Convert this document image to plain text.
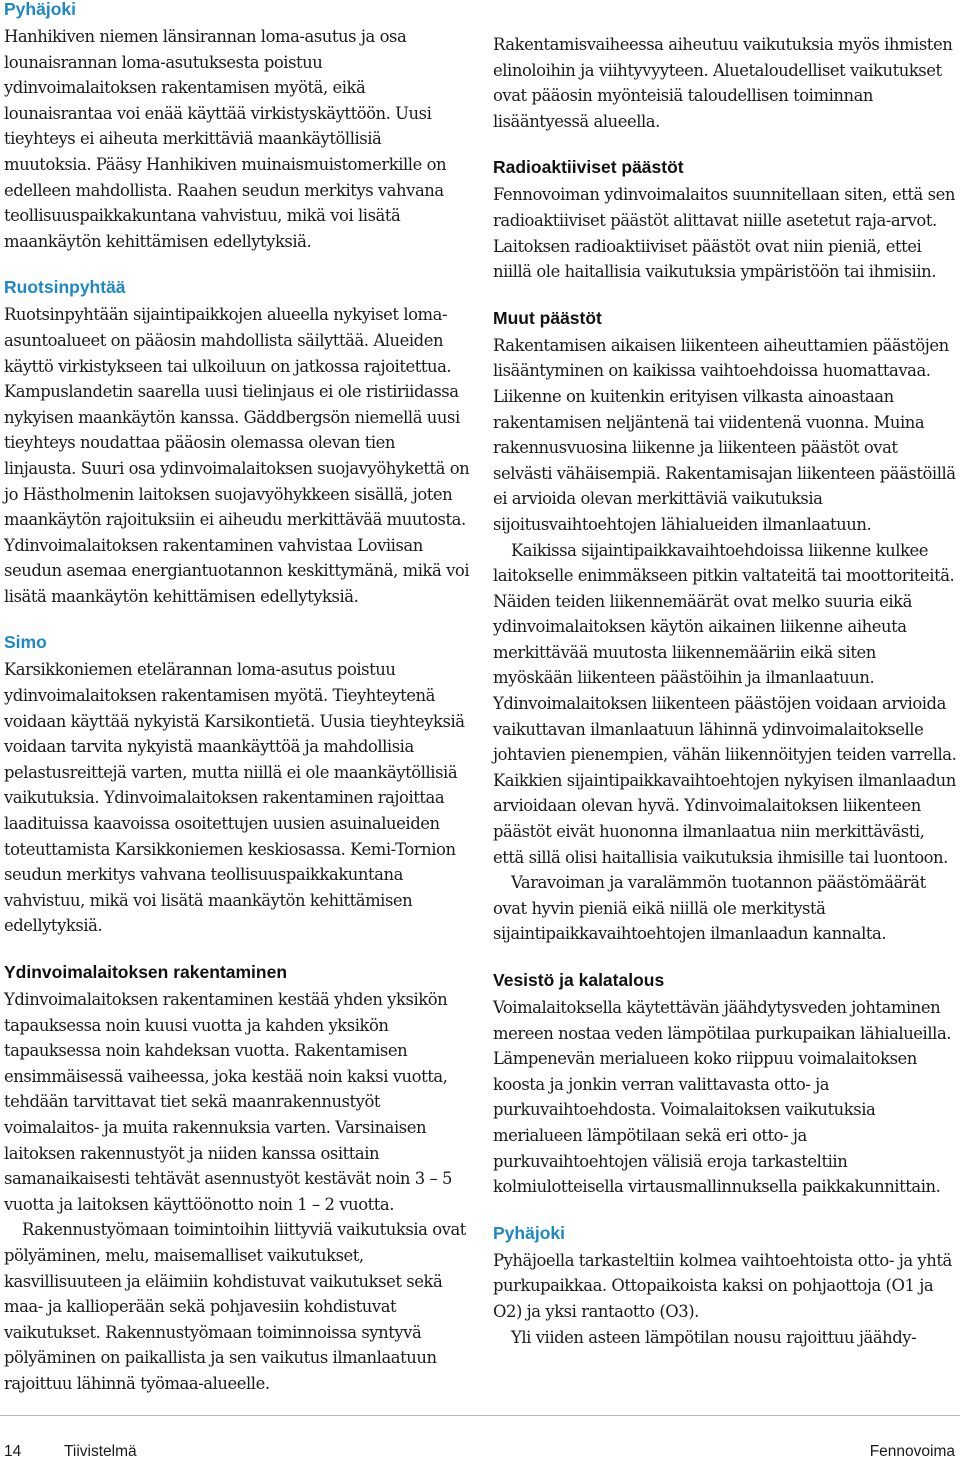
Pyhäjoki

Hanhikiven niemen länsirannan loma-asutus ja osa lounaisrannan loma-asutuksesta poistuu ydinvoimalaitoksen rakentamisen myötä, eikä lounaisrantaa voi enää käyttää virkistyskäyttöön. Uusi tieyhteys ei aiheuta merkittäviä maankäytöllisiä muutoksia. Pääsy Hanhikiven muinaismuistomerkille on edelleen mahdollista. Raahen seudun merkitys vahvana teollisuuspaikkakuntana vahvistuu, mikä voi lisätä maankäytön kehittämisen edellytyksiä.

Ruotsinpyhtää

Ruotsinpyhtään sijaintipaikkojen alueella nykyiset loma-asuntoalueet on pääosin mahdollista säilyttää. Alueiden käyttö virkistykseen tai ulkoiluun on jatkossa rajoitettua. Kampuslandetin saarella uusi tielinjaus ei ole ristiriidassa nykyisen maankäytön kanssa. Gäddbergsön niemellä uusi tieyhteys noudattaa pääosin olemassa olevan tien linjausta. Suuri osa ydinvoimalaitoksen suojavyöhykettä on jo Hästholmenin laitoksen suojavyöhykkeen sisällä, joten maankäytön rajoituksiin ei aiheudu merkittävää muutosta. Ydinvoimalaitoksen rakentaminen vahvistaa Loviisan seudun asemaa energiantuotannon keskittymänä, mikä voi lisätä maankäytön kehittämisen edellytyksiä.

Simo

Karsikkoniemen etelärannan loma-asutus poistuu ydinvoimalaitoksen rakentamisen myötä. Tieyhteytenä voidaan käyttää nykyistä Karsikontietä. Uusia tieyhteyksiä voidaan tarvita nykyistä maankäyttöä ja mahdollisia pelastusreittejä varten, mutta niillä ei ole maankäytöllisiä vaikutuksia. Ydinvoimalaitoksen rakentaminen rajoittaa laadituissa kaavoissa osoitettujen uusien asuinalueiden toteuttamista Karsikkoniemen keskiosassa. Kemi-Tornion seudun merkitys vahvana teollisuuspaikkakuntana vahvistuu, mikä voi lisätä maankäytön kehittämisen edellytyksiä.

Ydinvoimalaitoksen rakentaminen

Ydinvoimalaitoksen rakentaminen kestää yhden yksikön tapauksessa noin kuusi vuotta ja kahden yksikön tapauksessa noin kahdeksan vuotta. Rakentamisen ensimmäisessä vaiheessa, joka kestää noin kaksi vuotta, tehdään tarvittavat tiet sekä maanrakennustyöt voimalaitos- ja muita rakennuksia varten. Varsinaisen laitoksen rakennustyöt ja niiden kanssa osittain samanaikaisesti tehtävät asennustyöt kestävät noin 3 – 5 vuotta ja laitoksen käyttöönotto noin 1 – 2 vuotta.

Rakennustyömaan toimintoihin liittyviä vaikutuksia ovat pölyäminen, melu, maisemalliset vaikutukset, kasvillisuuteen ja eläimiin kohdistuvat vaikutukset sekä maa- ja kallioperään sekä pohjavesiin kohdistuvat vaikutukset. Rakennustyömaan toiminnoissa syntyvä pölyäminen on paikallista ja sen vaikutus ilmanlaatuun rajoittuu lähinnä työmaa-alueelle.

Rakentamisvaiheessa aiheutuu vaikutuksia myös ihmisten elinoloihin ja viihtyvyyteen. Aluetaloudelliset vaikutukset ovat pääosin myönteisiä taloudellisen toiminnan lisääntyessä alueella.

Radioaktiiviset päästöt

Fennovoiman ydinvoimalaitos suunnitellaan siten, että sen radioaktiiviset päästöt alittavat niille asetetut raja-arvot. Laitoksen radioaktiiviset päästöt ovat niin pieniä, ettei niillä ole haitallisia vaikutuksia ympäristöön tai ihmisiin.

Muut päästöt

Rakentamisen aikaisen liikenteen aiheuttamien päästöjen lisääntyminen on kaikissa vaihtoehdoissa huomattavaa. Liikenne on kuitenkin erityisen vilkasta ainoastaan rakentamisen neljäntenä tai viidentenä vuonna. Muina rakennusvuosina liikenne ja liikenteen päästöt ovat selvästi vähäisempiä. Rakentamisajan liikenteen päästöillä ei arvioida olevan merkittäviä vaikutuksia sijoitusvaihtoehtojen lähialueiden ilmanlaatuun.

Kaikissa sijaintipaikkavaihtoehdoissa liikenne kulkee laitokselle enimmäkseen pitkin valtateitä tai moottoriteitä. Näiden teiden liikennemäärät ovat melko suuria eikä ydinvoimalaitoksen käytön aikainen liikenne aiheuta merkittävää muutosta liikennemääriin eikä siten myöskään liikenteen päästöihin ja ilmanlaatuun. Ydinvoimalaitoksen liikenteen päästöjen voidaan arvioida vaikuttavan ilmanlaatuun lähinnä ydinvoimalaitokselle johtavien pienempien, vähän liikennöityjen teiden varrella. Kaikkien sijaintipaikkavaihtoehtojen nykyisen ilmanlaadun arvioidaan olevan hyvä. Ydinvoimalaitoksen liikenteen päästöt eivät huononna ilmanlaatua niin merkittävästi, että sillä olisi haitallisia vaikutuksia ihmisille tai luontoon.

Varavoiman ja varalämmön tuotannon päästömäärät ovat hyvin pieniä eikä niillä ole merkitystä sijaintipaikkavaihtoehtojen ilmanlaadun kannalta.

Vesistö ja kalatalous

Voimalaitoksella käytettävän jäähdytysveden johtaminen mereen nostaa veden lämpötilaa purkupaikan lähialueilla. Lämpenevän merialueen koko riippuu voimalaitoksen koosta ja jonkin verran valittavasta otto- ja purkuvaihtoehdosta. Voimalaitoksen vaikutuksia merialueen lämpötilaan sekä eri otto- ja purkuvaihtoehtojen välisiä eroja tarkasteltiin kolmiulotteisella virtausmallinnuksella paikkakunnittain.

Pyhäjoki

Pyhäjoella tarkasteltiin kolmea vaihtoehtoista otto- ja yhtä purkupaikkaa. Ottopaikoista kaksi on pohjaottoja (O1 ja O2) ja yksi rantaotto (O3).

Yli viiden asteen lämpötilan nousu rajoittuu jäähdy-

14	Tiivistelmä	Fennovoima
